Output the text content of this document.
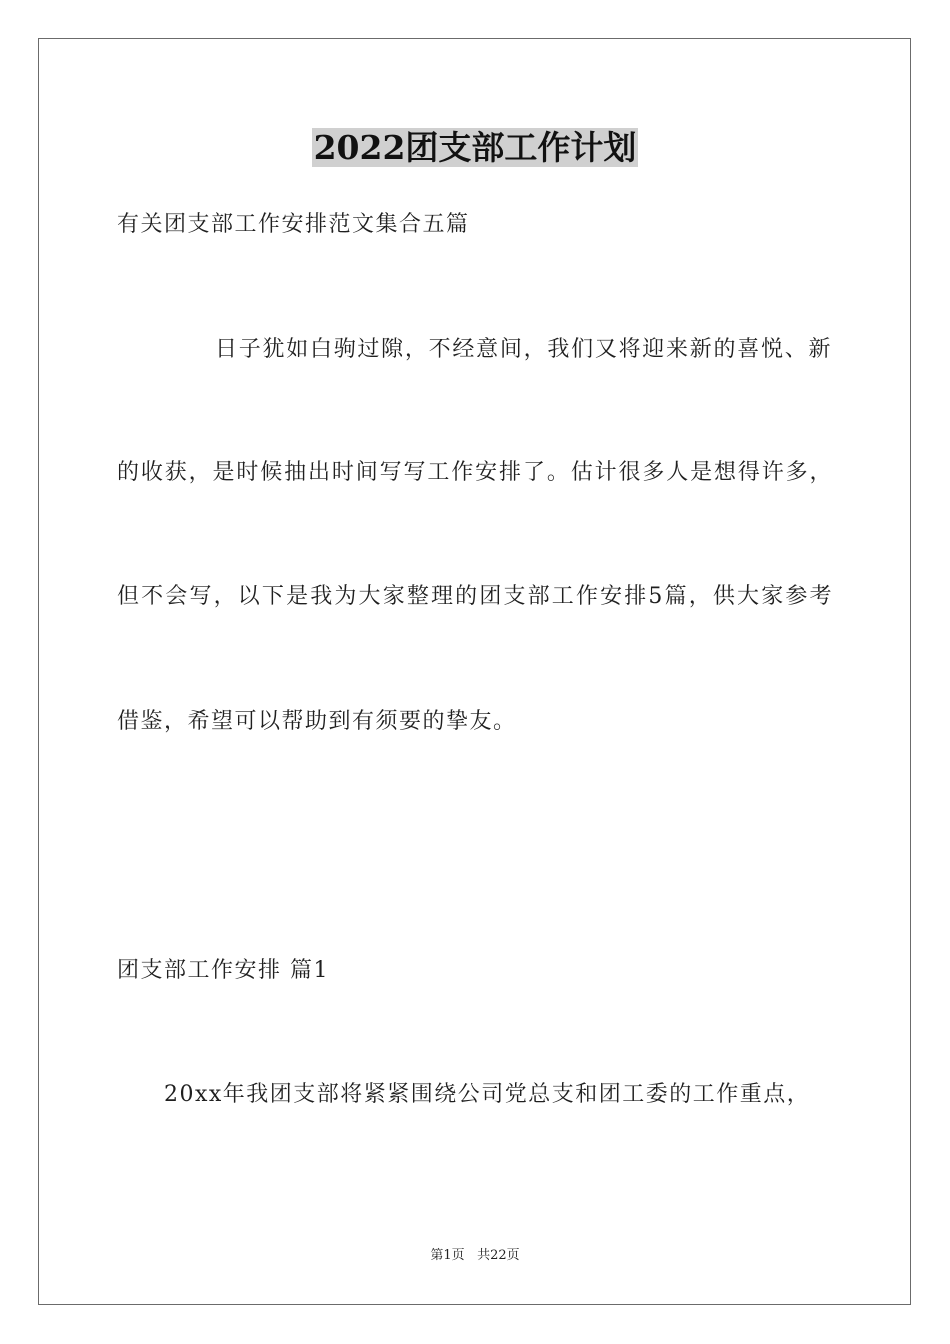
2022团支部工作计划
有关团支部工作安排范文集合五篇
日子犹如白驹过隙，不经意间，我们又将迎来新的喜悦、新
的收获，是时候抽出时间写写工作安排了。估计很多人是想得许多，
但不会写，以下是我为大家整理的团支部工作安排5篇，供大家参考
借鉴，希望可以帮助到有须要的挚友。
团支部工作安排 篇1
20xx年我团支部将紧紧围绕公司党总支和团工委的工作重点，
第1页 共22页
